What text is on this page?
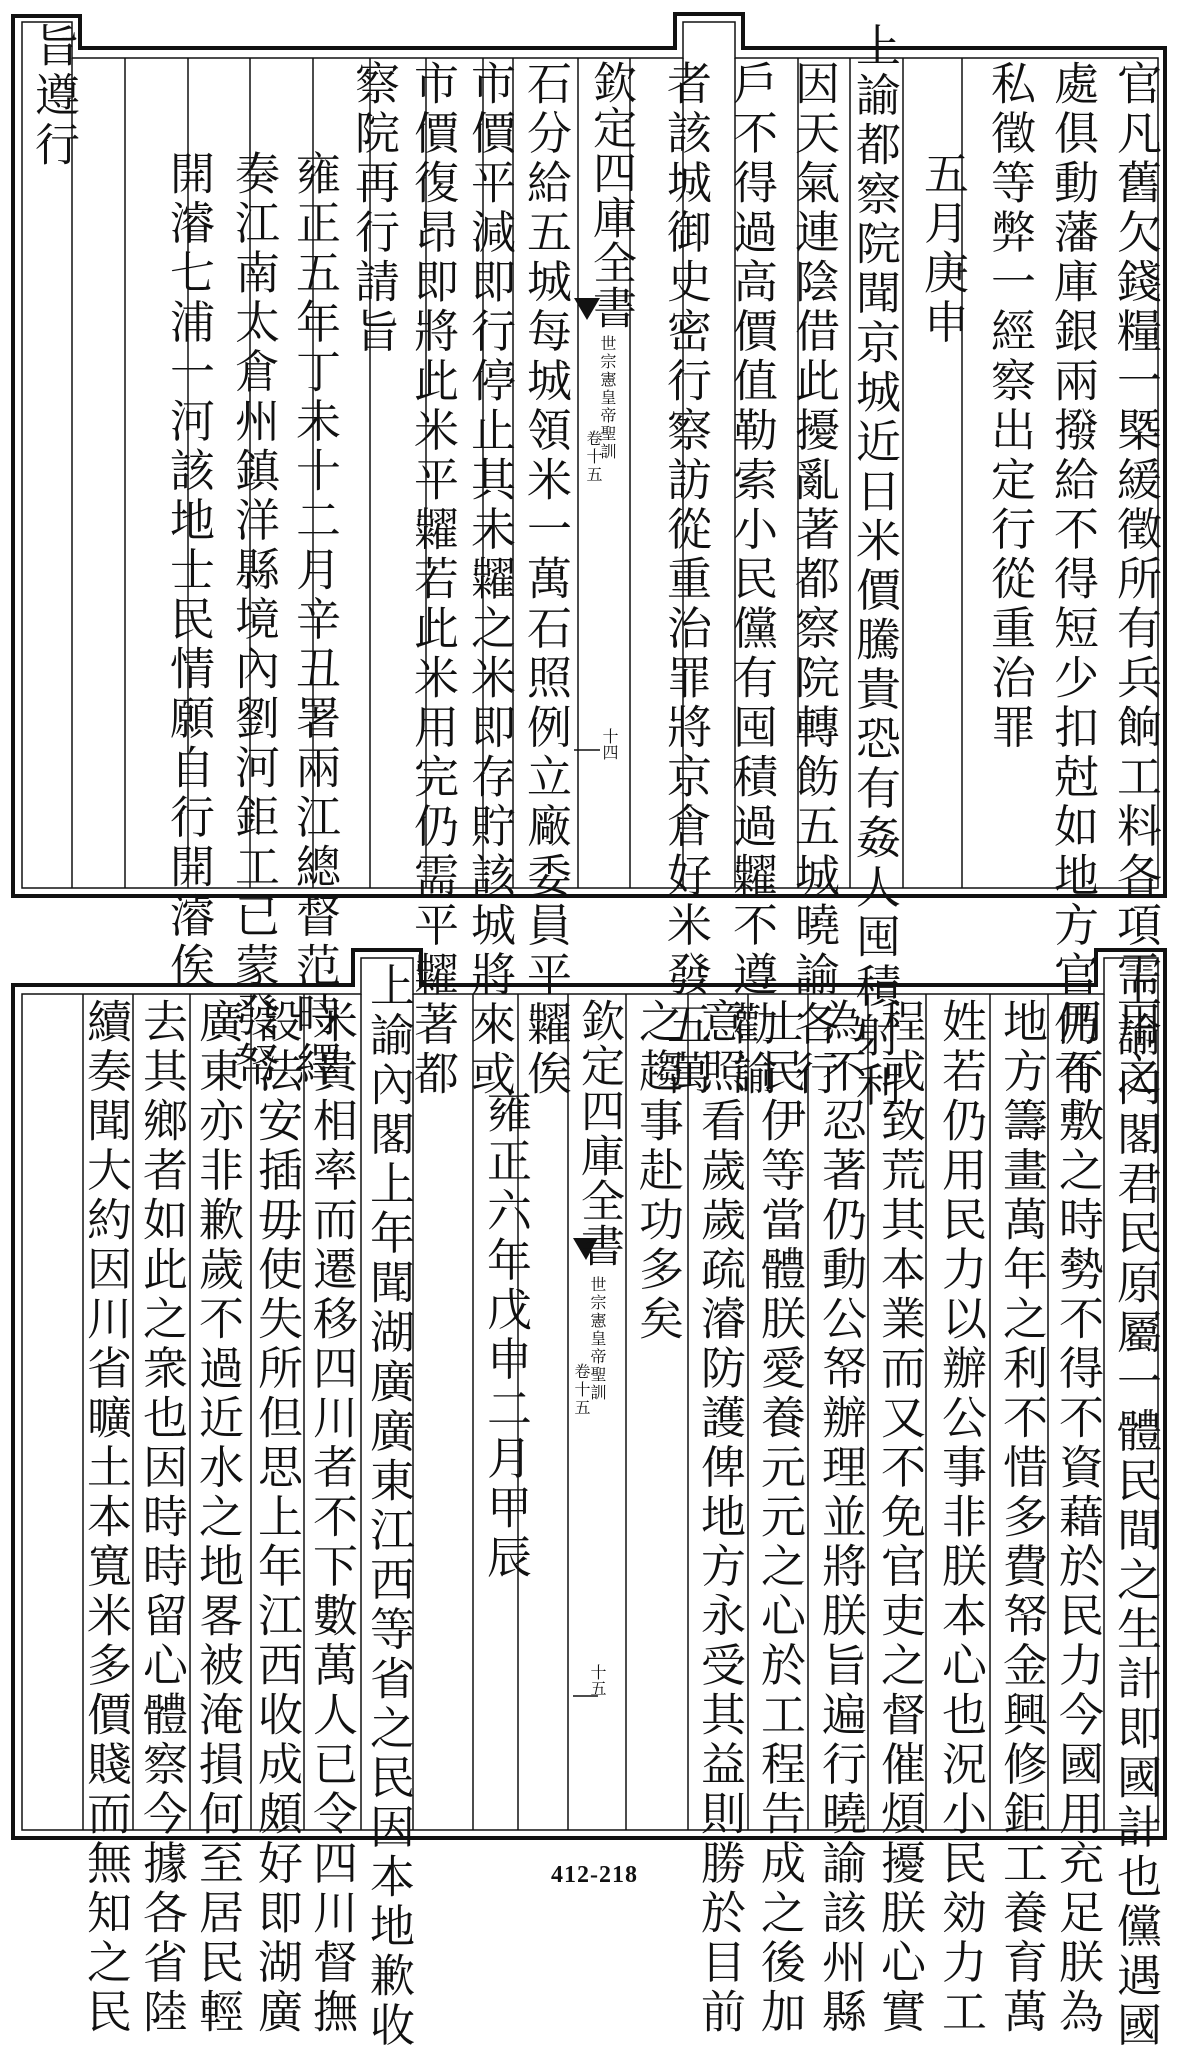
官凡舊欠錢糧一槩緩徵所有兵餉工料各項需用之
處俱動藩庫銀兩撥給不得短少扣尅如地方官仍有
私徵等弊一經察出定行從重治罪
五月庚申
上諭都察院聞京城近日米價騰貴恐有姦人囤積射利
因天氣連陰借此擾亂著都察院轉飭五城曉諭各行
戶不得過高價值勒索小民儻有囤積過糶不遵勸諭
者該城御史密行察訪從重治罪將京倉好米發五萬
欽定四庫全書
世宗憲皇帝聖訓
卷十五
十四
石分給五城每城領米一萬石照例立廠委員平糶俟
市價平減即行停止其未糶之米即存貯該城將來或
市價復昂即將此米平糶若此米用完仍需平糶著都
察院再行請旨
雍正五年丁未十二月辛丑署兩江總督范時繹
奏江南太倉州鎮洋縣境內劉河鉅工已蒙發帑
開濬七浦一河該地士民情願自行開濬俟
旨遵行
上諭內閣君民原屬一體民間之生計即國計也儻遇國
用不敷之時勢不得不資藉於民力今國用充足朕為
地方籌畫萬年之利不惜多費帑金興修鉅工養育萬
姓若仍用民力以辦公事非朕本心也況小民効力工
程或致荒其本業而又不免官吏之督催煩擾朕心實
為不忍著仍動公帑辦理並將朕旨遍行曉諭該州縣
士民伊等當體朕愛養元元之心於工程告成之後加
意照看歲歲疏濬防護俾地方永受其益則勝於目前
之趨事赴功多矣
欽定四庫全書
世宗憲皇帝聖訓
卷十五
十五
雍正六年戊申二月甲辰
上諭內閣上年聞湖廣廣東江西等省之民因本地歉收
米貴相率而遷移四川者不下數萬人已令四川督撫
設法安插毋使失所但思上年江西收成頗好即湖廣
廣東亦非歉歲不過近水之地畧被淹損何至居民輕
去其鄉者如此之衆也因時時留心體察今據各省陸
續奏聞大約因川省曠土本寬米多價賤而無知之民	412-218
